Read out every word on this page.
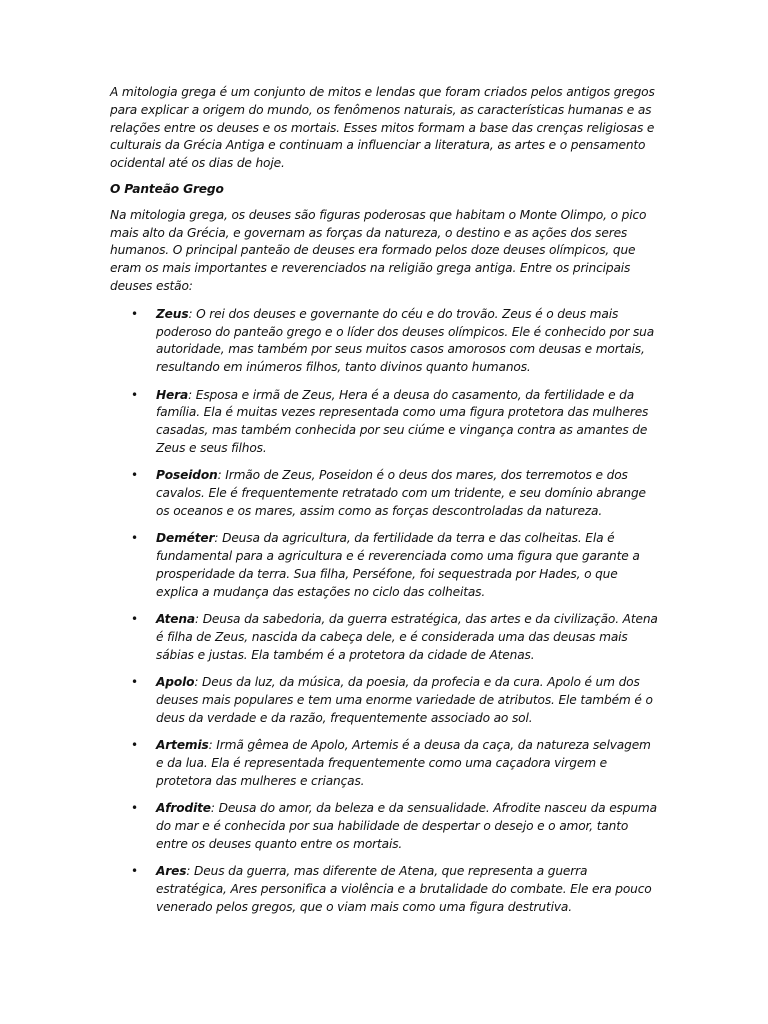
A mitologia grega é um conjunto de mitos e lendas que foram criados pelos antigos gregos para explicar a origem do mundo, os fenômenos naturais, as características humanas e as relações entre os deuses e os mortais. Esses mitos formam a base das crenças religiosas e culturais da Grécia Antiga e continuam a influenciar a literatura, as artes e o pensamento ocidental até os dias de hoje.

O Panteão Grego

Na mitologia grega, os deuses são figuras poderosas que habitam o Monte Olimpo, o pico mais alto da Grécia, e governam as forças da natureza, o destino e as ações dos seres humanos. O principal panteão de deuses era formado pelos doze deuses olímpicos, que eram os mais importantes e reverenciados na religião grega antiga. Entre os principais deuses estão:

• Zeus: O rei dos deuses e governante do céu e do trovão. Zeus é o deus mais poderoso do panteão grego e o líder dos deuses olímpicos. Ele é conhecido por sua autoridade, mas também por seus muitos casos amorosos com deusas e mortais, resultando em inúmeros filhos, tanto divinos quanto humanos.
• Hera: Esposa e irmã de Zeus, Hera é a deusa do casamento, da fertilidade e da família. Ela é muitas vezes representada como uma figura protetora das mulheres casadas, mas também conhecida por seu ciúme e vingança contra as amantes de Zeus e seus filhos.
• Poseidon: Irmão de Zeus, Poseidon é o deus dos mares, dos terremotos e dos cavalos. Ele é frequentemente retratado com um tridente, e seu domínio abrange os oceanos e os mares, assim como as forças descontroladas da natureza.
• Deméter: Deusa da agricultura, da fertilidade da terra e das colheitas. Ela é fundamental para a agricultura e é reverenciada como uma figura que garante a prosperidade da terra. Sua filha, Perséfone, foi sequestrada por Hades, o que explica a mudança das estações no ciclo das colheitas.
• Atena: Deusa da sabedoria, da guerra estratégica, das artes e da civilização. Atena é filha de Zeus, nascida da cabeça dele, e é considerada uma das deusas mais sábias e justas. Ela também é a protetora da cidade de Atenas.
• Apolo: Deus da luz, da música, da poesia, da profecia e da cura. Apolo é um dos deuses mais populares e tem uma enorme variedade de atributos. Ele também é o deus da verdade e da razão, frequentemente associado ao sol.
• Artemis: Irmã gêmea de Apolo, Artemis é a deusa da caça, da natureza selvagem e da lua. Ela é representada frequentemente como uma caçadora virgem e protetora das mulheres e crianças.
• Afrodite: Deusa do amor, da beleza e da sensualidade. Afrodite nasceu da espuma do mar e é conhecida por sua habilidade de despertar o desejo e o amor, tanto entre os deuses quanto entre os mortais.
• Ares: Deus da guerra, mas diferente de Atena, que representa a guerra estratégica, Ares personifica a violência e a brutalidade do combate. Ele era pouco venerado pelos gregos, que o viam mais como uma figura destrutiva.
